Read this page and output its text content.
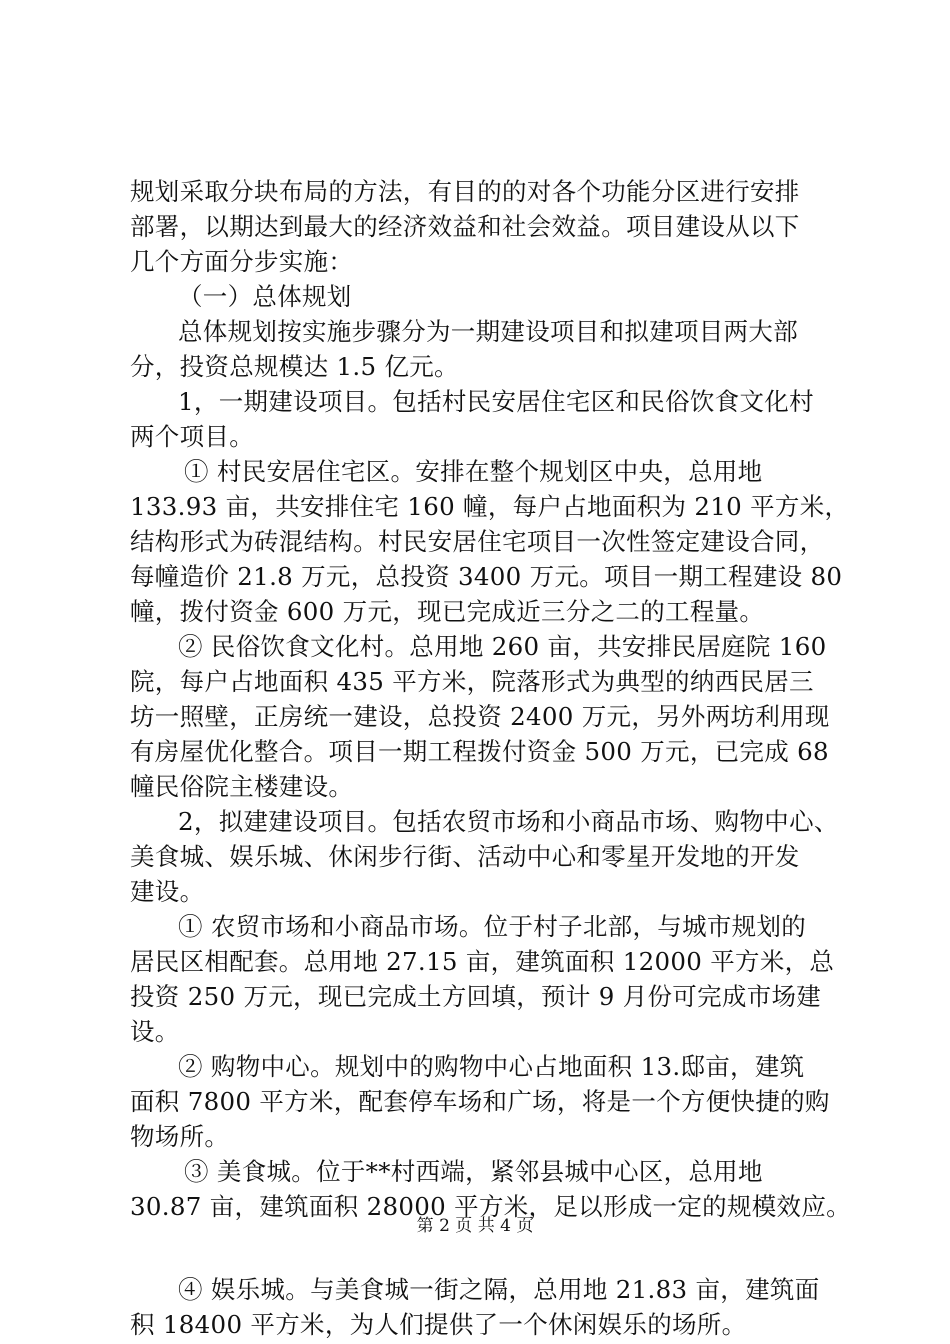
规划采取分块布局的方法，有目的的对各个功能分区进行安排
部署，以期达到最大的经济效益和社会效益。项目建设从以下
几个方面分步实施：
（一）总体规划
总体规划按实施步骤分为一期建设项目和拟建项目两大部
分，投资总规模达 1.5 亿元。
1，一期建设项目。包括村民安居住宅区和民俗饮食文化村
两个项目。
① 村民安居住宅区。安排在整个规划区中央，总用地
133.93 亩，共安排住宅 160 幢，每户占地面积为 210 平方米，
结构形式为砖混结构。村民安居住宅项目一次性签定建设合同，
每幢造价 21.8 万元，总投资 3400 万元。项目一期工程建设 80
幢，拨付资金 600 万元，现已完成近三分之二的工程量。
② 民俗饮食文化村。总用地 260 亩，共安排民居庭院 160
院，每户占地面积 435 平方米，院落形式为典型的纳西民居三
坊一照壁，正房统一建设，总投资 2400 万元，另外两坊利用现
有房屋优化整合。项目一期工程拨付资金 500 万元，已完成 68
幢民俗院主楼建设。
2，拟建建设项目。包括农贸市场和小商品市场、购物中心、
美食城、娱乐城、休闲步行街、活动中心和零星开发地的开发
建设。
① 农贸市场和小商品市场。位于村子北部，与城市规划的
居民区相配套。总用地 27.15 亩，建筑面积 12000 平方米，总
投资 250 万元，现已完成土方回填，预计 9 月份可完成市场建
设。
② 购物中心。规划中的购物中心占地面积 13.邸亩，建筑
面积 7800 平方米，配套停车场和广场，将是一个方便快捷的购
物场所。
③ 美食城。位于**村西端，紧邻县城中心区，总用地
30.87 亩，建筑面积 28000 平方米，足以形成一定的规模效应。
④ 娱乐城。与美食城一街之隔，总用地 21.83 亩，建筑面
积 18400 平方米，为人们提供了一个休闲娱乐的场所。
第 2 页 共 4 页
